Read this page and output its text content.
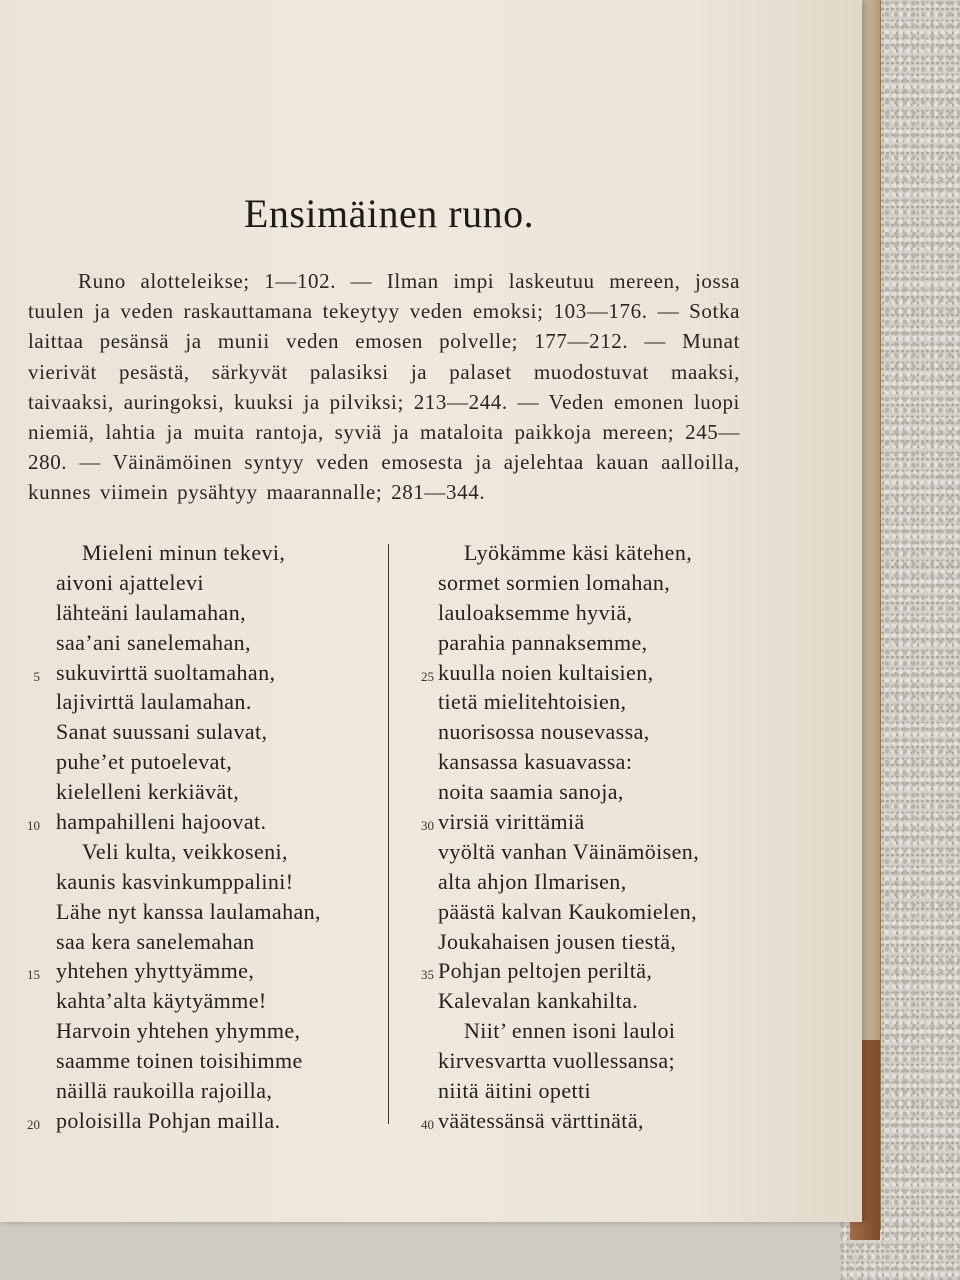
Ensimäinen runo.

Runo alotteleikse; 1—102. — Ilman impi laskeutuu mereen, jossa tuulen ja veden raskauttamana tekeytyy veden emoksi; 103—176. — Sotka laittaa pesänsä ja munii veden emosen polvelle; 177—212. — Munat vierivät pesästä, särkyvät palasiksi ja palaset muodostuvat maaksi, taivaaksi, auringoksi, kuuksi ja pilviksi; 213—244. — Veden emonen luopi niemiä, lahtia ja muita rantoja, syviä ja mataloita paikkoja mereen; 245—280. — Väinämöinen syntyy veden emosesta ja ajelehtaa kauan aalloilla, kunnes viimein pysähtyy maarannalle; 281—344.

Mieleni minun tekevi,
aivoni ajattelevi
lähteäni laulamahan,
saa’ani sanelemahan,
5 sukuvirttä suoltamahan,
lajivirttä laulamahan.
Sanat suussani sulavat,
puhe’et putoelevat,
kielelleni kerkiävät,
10 hampahilleni hajoovat.
Veli kulta, veikkoseni,
kaunis kasvinkumppalini!
Lähe nyt kanssa laulamahan,
saa kera sanelemahan
15 yhtehen yhyttyämme,
kahta’alta käytyämme!
Harvoin yhtehen yhymme,
saamme toinen toisihimme
näillä raukoilla rajoilla,
20 poloisilla Pohjan mailla.
Lyökämme käsi kätehen,
sormet sormien lomahan,
lauloaksemme hyviä,
parahia pannaksemme,
25 kuulla noien kultaisien,
tietä mielitehtoisien,
nuorisossa nousevassa,
kansassa kasuavassa:
noita saamia sanoja,
30 virsiä virittämiä
vyöltä vanhan Väinämöisen,
alta ahjon Ilmarisen,
päästä kalvan Kaukomielen,
Joukahaisen jousen tiestä,
35 Pohjan peltojen periltä,
Kalevalan kankahilta.
Niit’ ennen isoni lauloi
kirvesvartta vuollessansa;
niitä äitini opetti
40 väätessänsä värttinätä,
